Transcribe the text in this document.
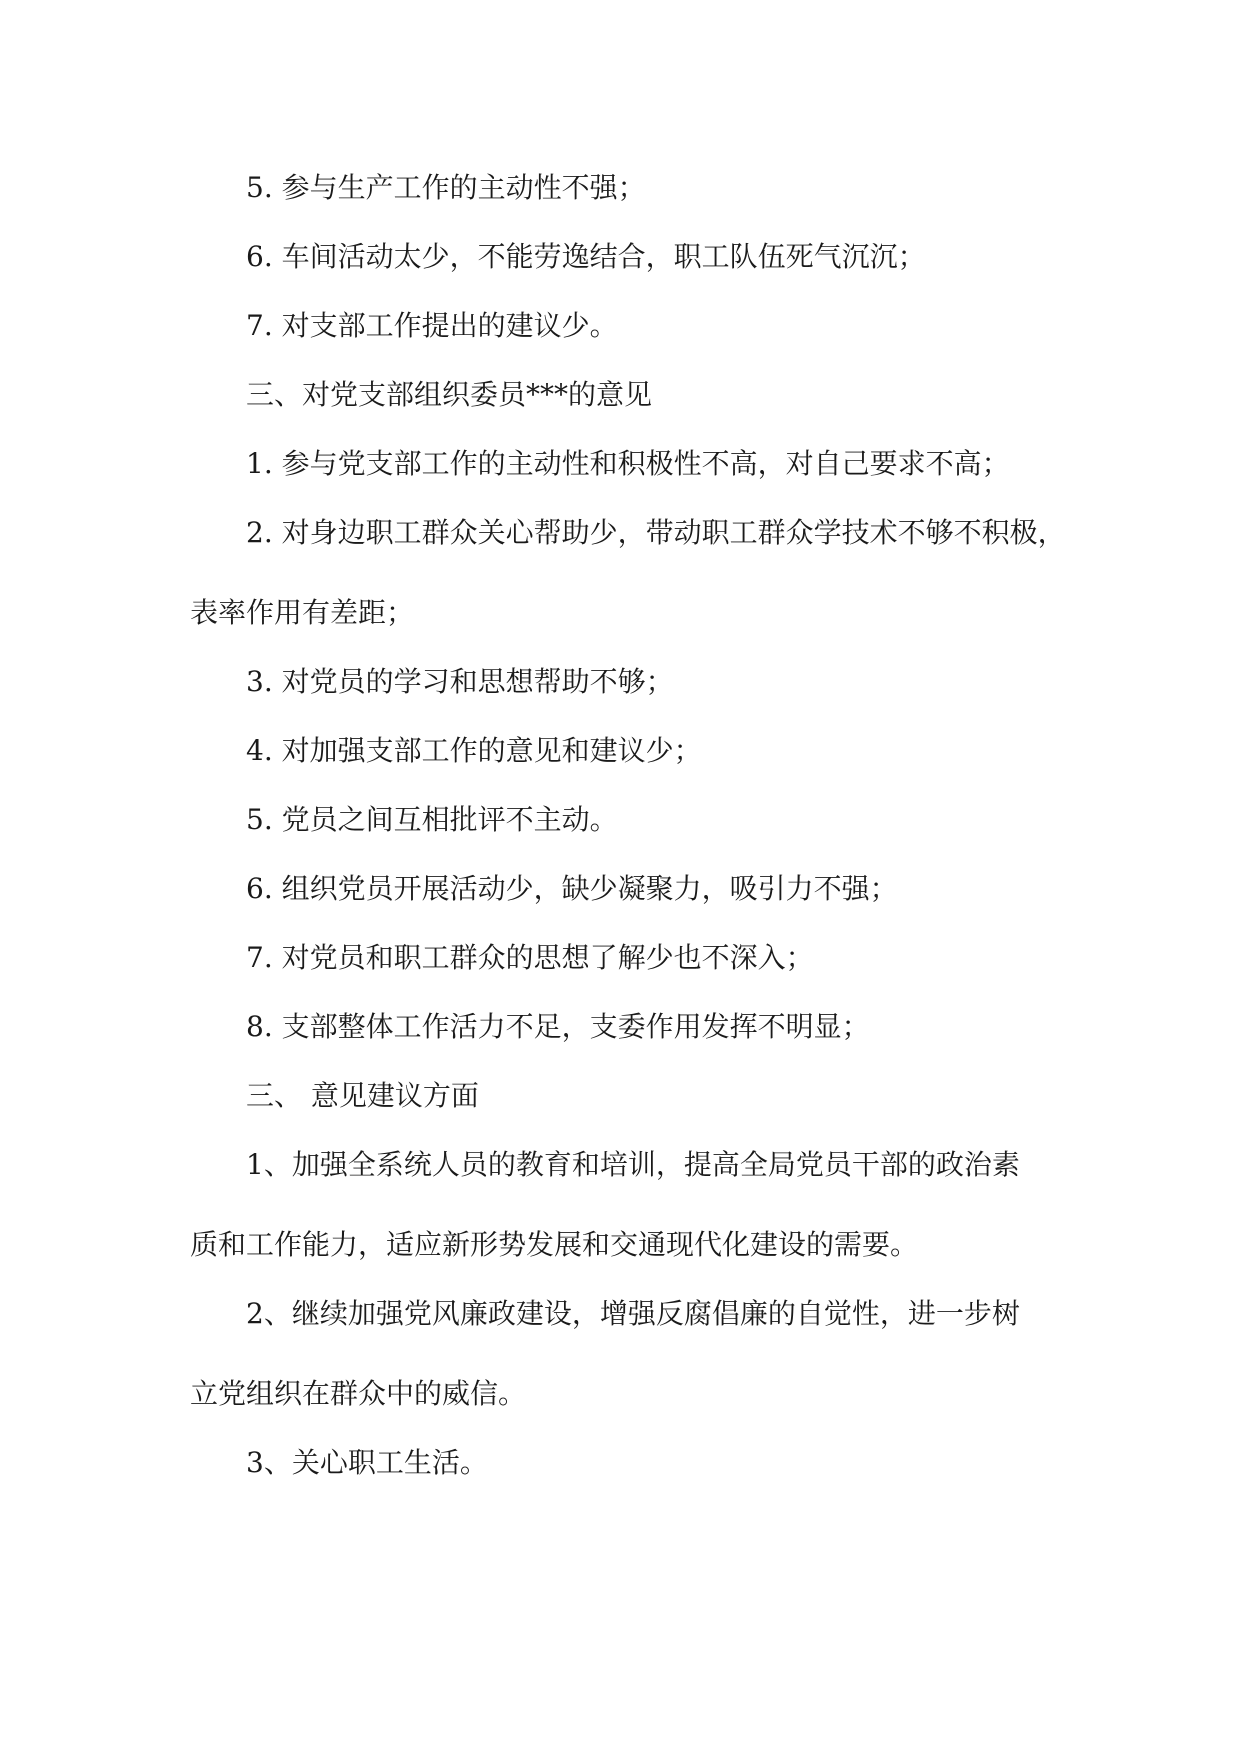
5. 参与生产工作的主动性不强；

6. 车间活动太少，不能劳逸结合，职工队伍死气沉沉；

7. 对支部工作提出的建议少。

三、对党支部组织委员***的意见

1. 参与党支部工作的主动性和积极性不高，对自己要求不高；

2. 对身边职工群众关心帮助少，带动职工群众学技术不够不积极，

表率作用有差距；

3. 对党员的学习和思想帮助不够；

4. 对加强支部工作的意见和建议少；

5. 党员之间互相批评不主动。

6. 组织党员开展活动少，缺少凝聚力，吸引力不强；

7. 对党员和职工群众的思想了解少也不深入；

8. 支部整体工作活力不足，支委作用发挥不明显；

三、 意见建议方面

1、加强全系统人员的教育和培训，提高全局党员干部的政治素

质和工作能力，适应新形势发展和交通现代化建设的需要。

2、继续加强党风廉政建设，增强反腐倡廉的自觉性，进一步树

立党组织在群众中的威信。

3、关心职工生活。
